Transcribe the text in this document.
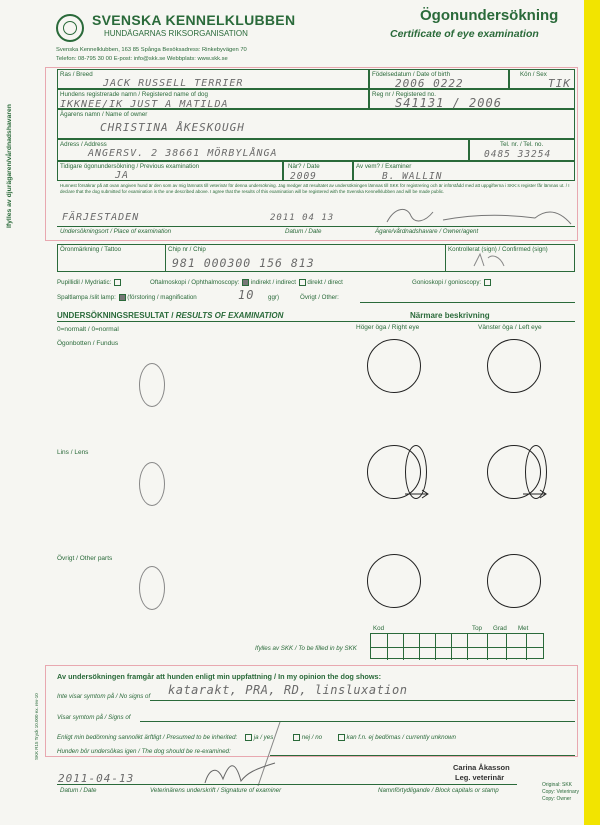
SVENSKA KENNELKLUBBEN
HUNDÄGARNAS RIKSORGANISATION
Svenska Kennelklubben, 163 85 Spånga Besöksadress: Rinkebyvägen 70
Telefon: 08-795 30 00 E-post: info@skk.se Webbplats: www.skk.se
Ögonundersökning
Certificate of eye examination
Ifylles av djurägaren/vårdnadshavaren
Ras / Breed
JACK RUSSELL TERRIER
Födelsedatum / Date of birth
2006 0222
Kön / Sex
TIK
Hundens registrerade namn / Registered name of dog
IKKNEE/IK JUST A MATILDA
Reg nr / Registered no.
S41131 / 2006
Ägarens namn / Name of owner
CHRISTINA ÅKESKOUGH
Adress / Address
ANGERSV. 2 38661 MÖRBYLÅNGA
Tel. nr. / Tel. no.
0485 33254
Tidigare ögonundersökning / Previous examination
JA
När? / Date
2009
Av vem? / Examiner
B. WALLIN
Hunnest försäkrar på att ovan angiven hund är den som av mig lämnats till veterinär för denna undersökning. Jag medger att resultatet av undersökningen lämnas till SKK för registrering och är införstådd med att uppgifterna i SKK:s register får lämnas ut. / I declare that the dog submitted for examination is the one described above. I agree that the results of this examination will be registered with the Svenska Kennelklubben and will be made public.
FÄRJESTADEN	2011 04 13
Undersökningsort / Place of examination	Datum / Date	Ägare/vårdnadshavare / Owner/agent
Öronmärkning / Tattoo	Chip nr / Chip
981 000300 156 813
Kontrollerat (sign) / Confirmed (sign)
Pupillidil / Mydriatic:	Oftalmoskopi / Ophthalmoscopy: indirekt / indirect direkt / direct	Gonioskopi / gonioscopy:
Spaltlampa /slit lamp: (förstoring / magnification	10 ggr)	Övrigt / Other:
UNDERSÖKNINGSRESULTAT / RESULTS OF EXAMINATION	Närmare beskrivning
0=normalt / 0=normal	Höger öga / Right eye	Vänster öga / Left eye
Ögonbotten / Fundus
Lins / Lens
Övrigt / Other parts
Kod	Top Grad Met
Ifylles av SKK / To be filled in by SKK
Av undersökningen framgår att hunden enligt min uppfattning / In my opinion the dog shows:
Inte visar symtom på / No signs of katarakt, PRA, RD, linsluxation
Visar symtom på / Signs of
Enligt min bedömning sannolikt ärftligt / Presumed to be inherited:	ja / yes	nej / no	kan f.n. ej bedömas / currently unknown
Hunden bör undersökas igen / The dog should be re-examined:
2011-04-13
Carina Åkasson
Leg. veterinär
Datum / Date	Veterinärens underskrift / Signature of examiner	Namnförtydligande / Block capitals or stamp
Original: SKK
Copy: Veterinary
Copy: Owner
SKK R15 Tryck 10.000 ex. rev-10
